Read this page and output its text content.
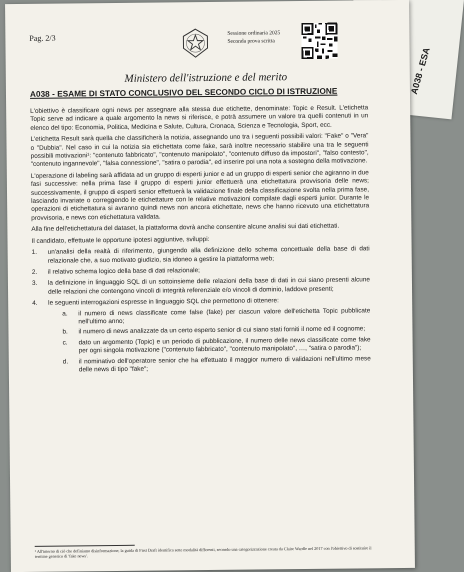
A038 - ESA
Pag. 2/3
Sessione ordinaria 2025
Seconda prova scritta
Ministero dell'istruzione e del merito
A038 - ESAME DI STATO CONCLUSIVO DEL SECONDO CICLO DI ISTRUZIONE

L'obiettivo è classificare ogni news per assegnare alla stessa due etichette, denominate: Topic e Result. L'etichetta Topic serve ad indicare a quale argomento la news si riferisce, e potrà assumere un valore tra quelli contenuti in un elenco del tipo: Economia, Politica, Medicina e Salute, Cultura, Cronaca, Scienza e Tecnologia, Sport, ecc.

L'etichetta Result sarà quella che classificherà la notizia, assegnando uno tra i seguenti possibili valori: "Fake" o "Vera" o "Dubbia". Nel caso in cui la notizia sia etichettata come fake, sarà inoltre necessario stabilire una tra le seguenti possibili motivazioni¹: "contenuto fabbricato", "contenuto manipolato", "contenuto diffuso da impostori", "falso contesto", "contenuto ingannevole", "falsa connessione", "satira o parodia", ed inserire poi una nota a sostegno della motivazione.

L'operazione di labeling sarà affidata ad un gruppo di esperti junior e ad un gruppo di esperti senior che agiranno in due fasi successive: nella prima fase il gruppo di esperti junior effettuerà una etichettatura provvisoria delle news; successivamente, il gruppo di esperti senior effettuerà la validazione finale della classificazione svolta nella prima fase, lasciando invariate o correggendo le etichettature con le relative motivazioni compilate dagli esperti junior. Durante le operazioni di etichettatura si avranno quindi news non ancora etichettate, news che hanno ricevuto una etichettatura provvisoria, e news con etichettatura validata.

Alla fine dell'etichettatura del dataset, la piattaforma dovrà anche consentire alcune analisi sui dati etichettati.

Il candidato, effettuate le opportune ipotesi aggiuntive, sviluppi:

1. un'analisi della realtà di riferimento, giungendo alla definizione dello schema concettuale della base di dati relazionale che, a suo motivato giudizio, sia idoneo a gestire la piattaforma web;
2. il relativo schema logico della base di dati relazionale;
3. la definizione in linguaggio SQL di un sottoinsieme delle relazioni della base di dati in cui siano presenti alcune delle relazioni che contengono vincoli di integrità referenziale e/o vincoli di dominio, laddove presenti;
4. le seguenti interrogazioni espresse in linguaggio SQL che permettono di ottenere:
a. il numero di news classificate come false (fake) per ciascun valore dell'etichetta Topic pubblicate nell'ultimo anno;
b. il numero di news analizzate da un certo esperto senior di cui siano stati forniti il nome ed il cognome;
c. dato un argomento (Topic) e un periodo di pubblicazione, il numero delle news classificate come fake per ogni singola motivazione ("contenuto fabbricato", "contenuto manipolato", …, "satira o parodia");
d. il nominativo dell'operatore senior che ha effettuato il maggior numero di validazioni nell'ultimo mese delle news di tipo "fake";
¹ All'interno di ciò che definiamo disinformazione, la guida di First Draft identifica sette modalità differenti, secondo una categorizzazione creata da Claire Wardle nel 2017 con l'obiettivo di sostituire il termine generico di 'fake news'.
